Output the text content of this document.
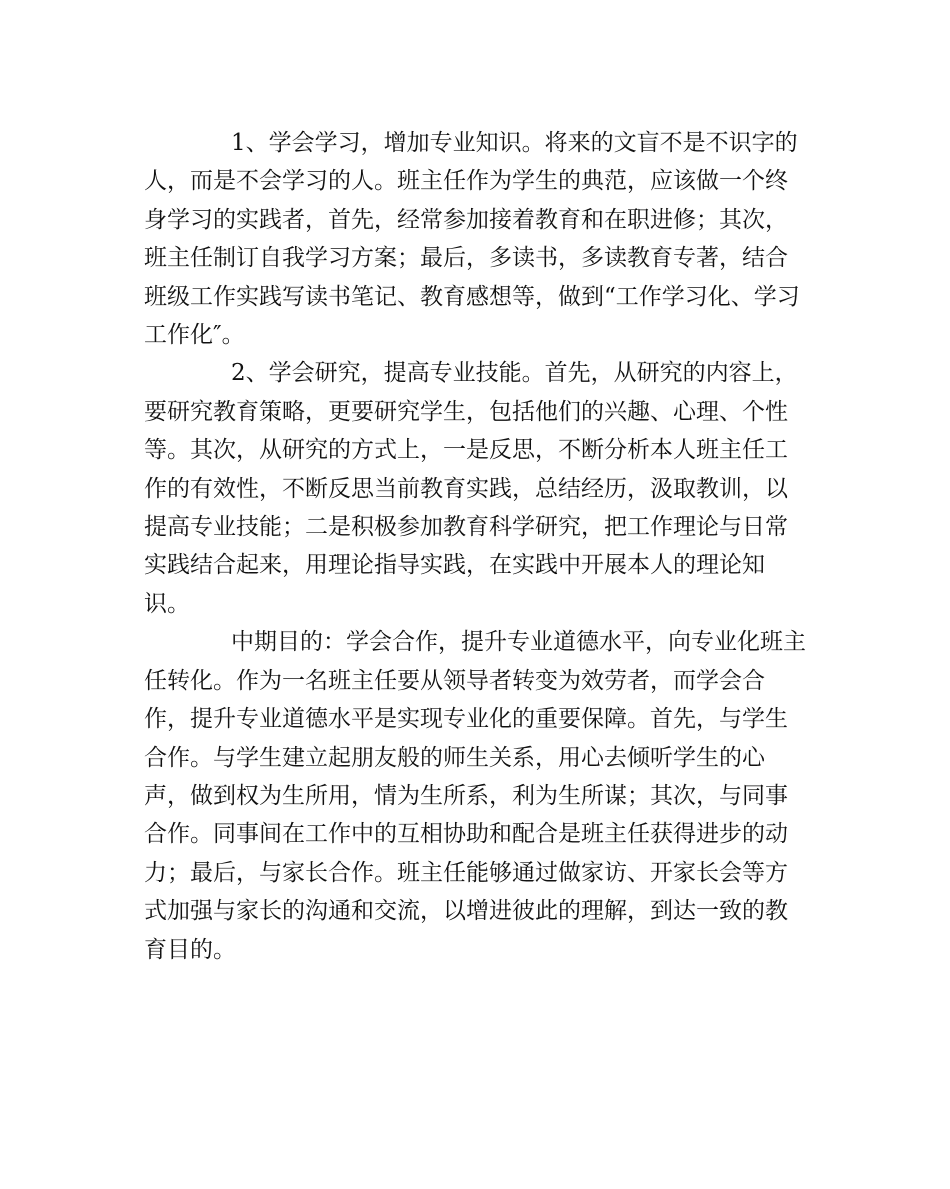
1、学会学习，增加专业知识。将来的文盲不是不识字的人，而是不会学习的人。班主任作为学生的典范，应该做一个终身学习的实践者，首先，经常参加接着教育和在职进修；其次，班主任制订自我学习方案；最后，多读书，多读教育专著，结合班级工作实践写读书笔记、教育感想等，做到“工作学习化、学习工作化″。

2、学会研究，提高专业技能。首先，从研究的内容上，要研究教育策略，更要研究学生，包括他们的兴趣、心理、个性等。其次，从研究的方式上，一是反思，不断分析本人班主任工作的有效性，不断反思当前教育实践，总结经历，汲取教训，以提高专业技能；二是积极参加教育科学研究，把工作理论与日常实践结合起来，用理论指导实践，在实践中开展本人的理论知识。

中期目的：学会合作，提升专业道德水平，向专业化班主任转化。作为一名班主任要从领导者转变为效劳者，而学会合作，提升专业道德水平是实现专业化的重要保障。首先，与学生合作。与学生建立起朋友般的师生关系，用心去倾听学生的心声，做到权为生所用，情为生所系，利为生所谋；其次，与同事合作。同事间在工作中的互相协助和配合是班主任获得进步的动力；最后，与家长合作。班主任能够通过做家访、开家长会等方式加强与家长的沟通和交流，以增进彼此的理解，到达一致的教育目的。
